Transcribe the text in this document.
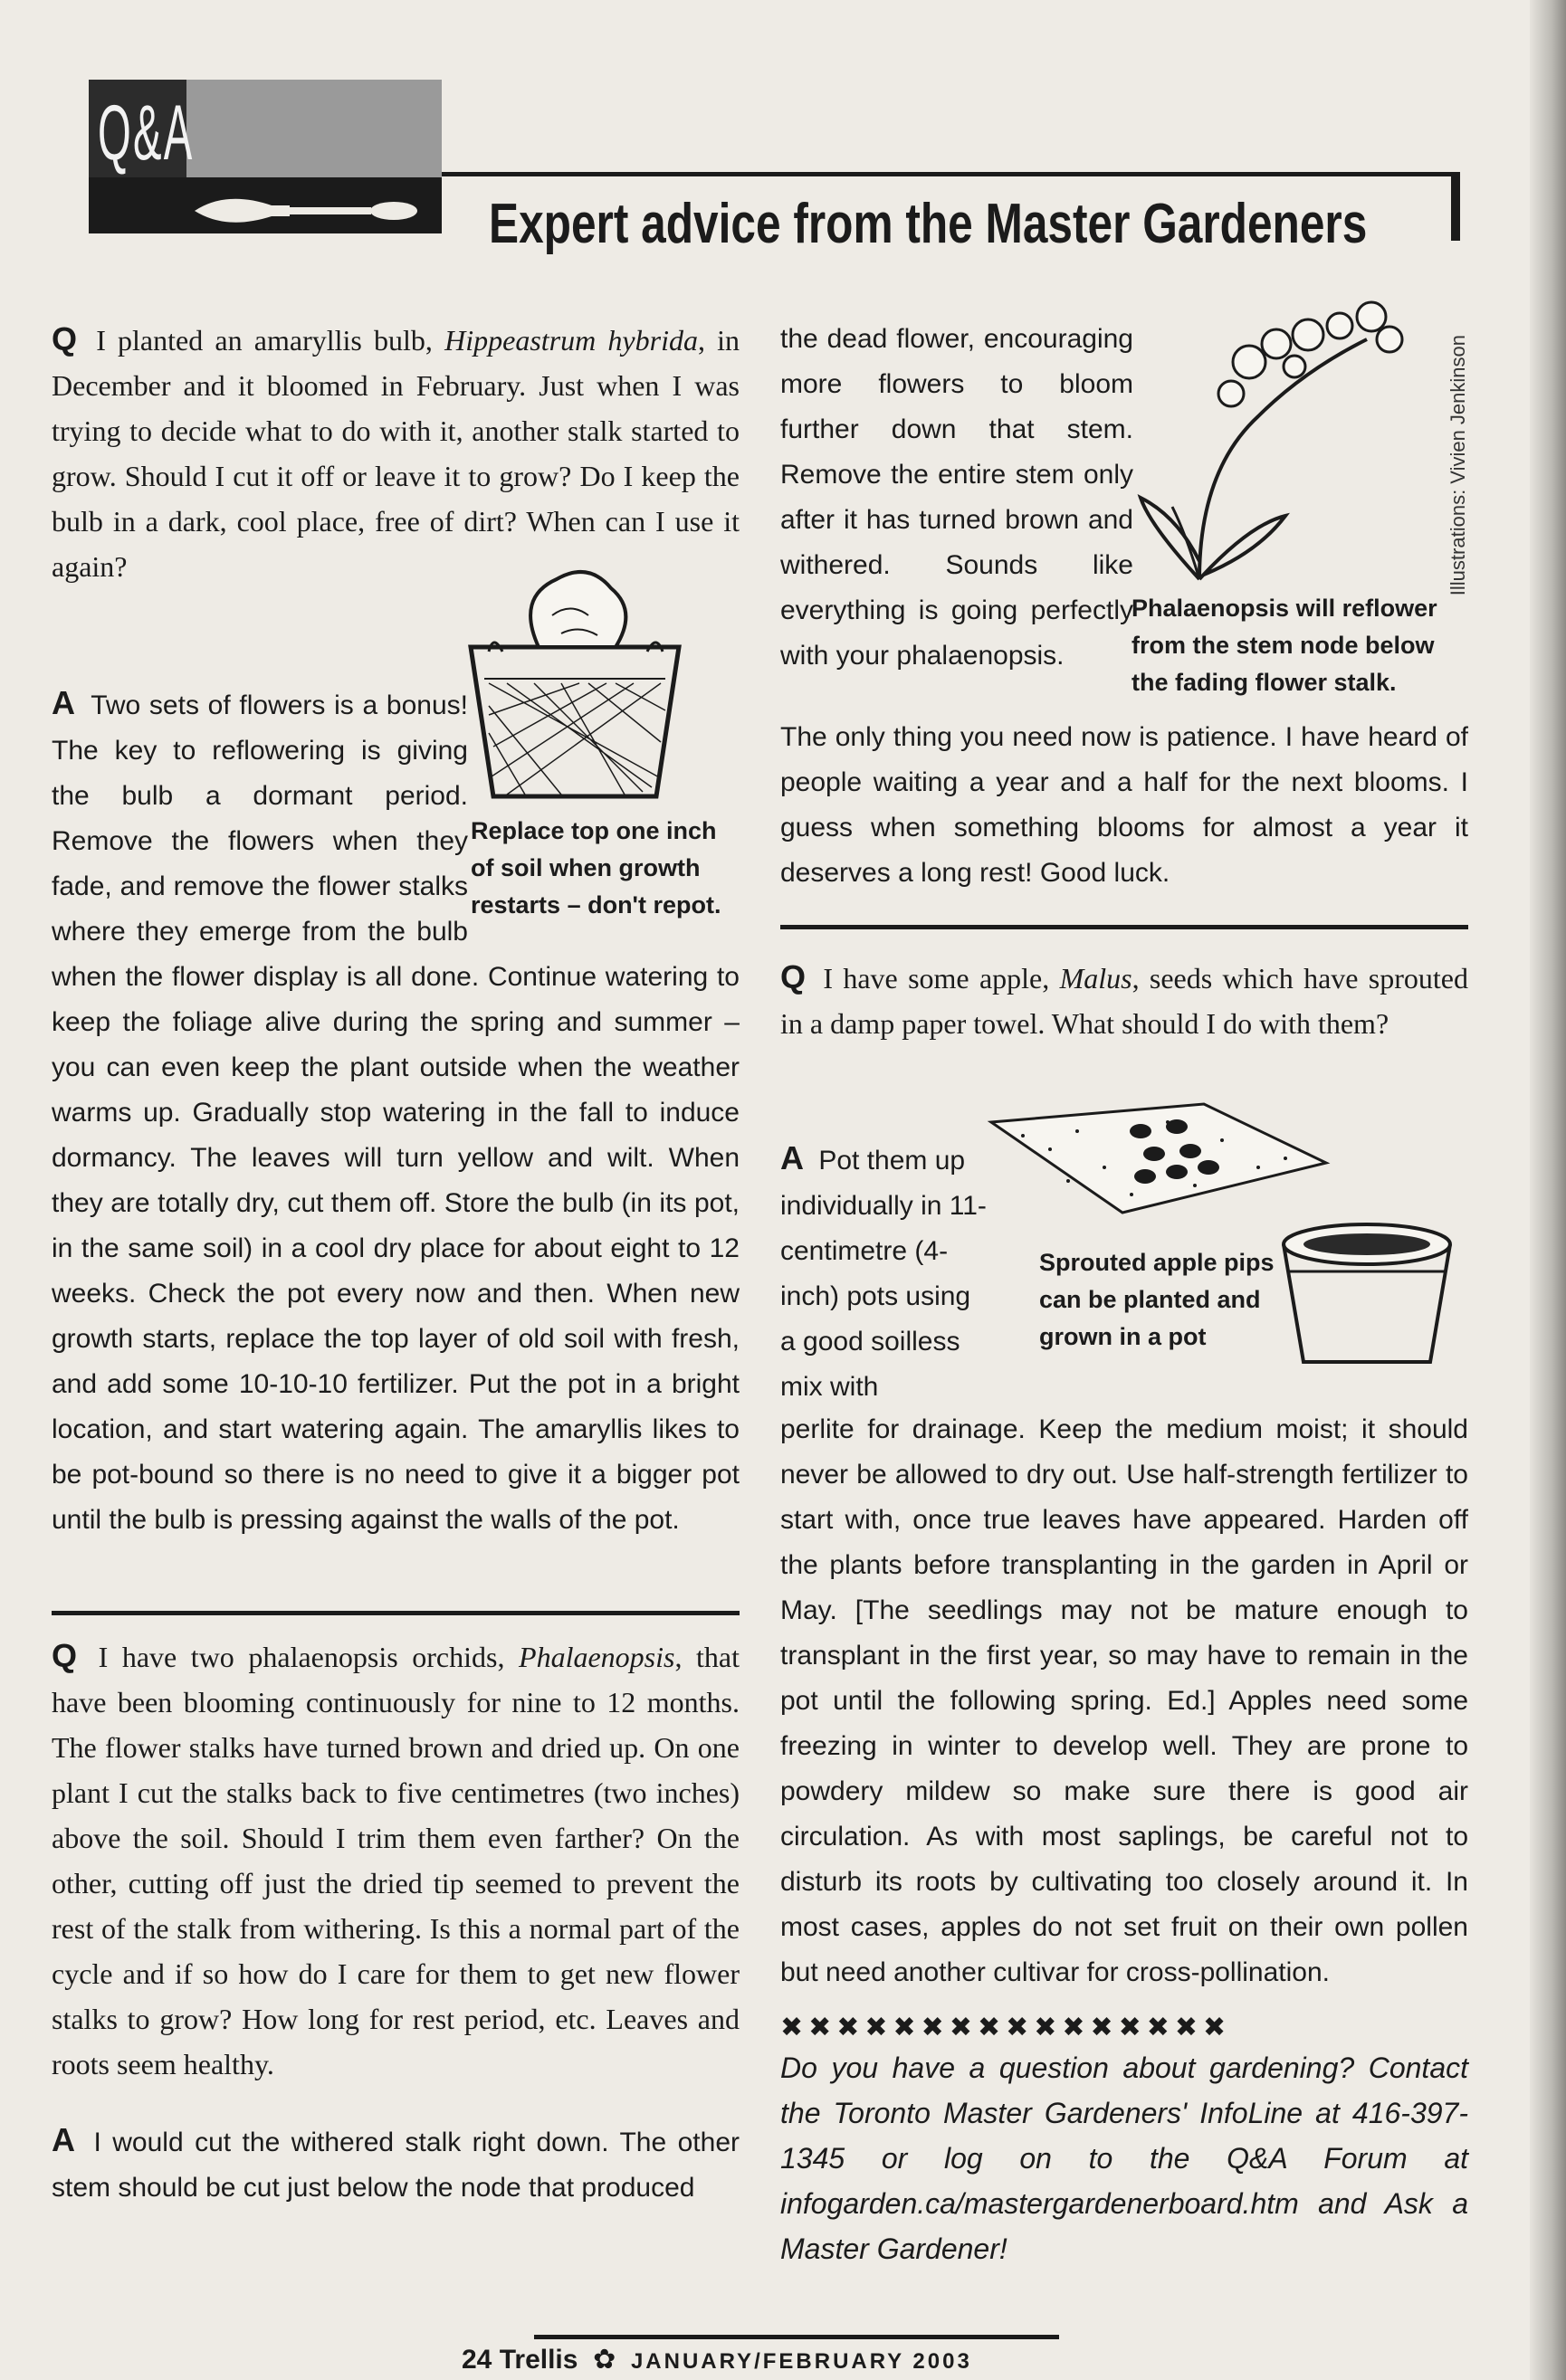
Q&A
Expert advice from the Master Gardeners

Q I planted an amaryllis bulb, Hippeastrum hybrida, in December and it bloomed in February. Just when I was trying to decide what to do with it, another stalk started to grow. Should I cut it off or leave it to grow? Do I keep the bulb in a dark, cool place, free of dirt? When can I use it again?

A Two sets of flowers is a bonus! The key to reflowering is giving the bulb a dormant period. Remove the flowers when they fade, and remove the flower stalks where they emerge from the bulb when the flower display is all done. Continue watering to keep the foliage alive during the spring and summer – you can even keep the plant outside when the weather warms up. Gradually stop watering in the fall to induce dormancy. The leaves will turn yellow and wilt. When they are totally dry, cut them off. Store the bulb (in its pot, in the same soil) in a cool dry place for about eight to 12 weeks. Check the pot every now and then. When new growth starts, replace the top layer of old soil with fresh, and add some 10-10-10 fertilizer. Put the pot in a bright location, and start watering again. The amaryllis likes to be pot-bound so there is no need to give it a bigger pot until the bulb is pressing against the walls of the pot.

Replace top one inch of soil when growth restarts – don't repot.

Q I have two phalaenopsis orchids, Phalaenopsis, that have been blooming continuously for nine to 12 months. The flower stalks have turned brown and dried up. On one plant I cut the stalks back to five centimetres (two inches) above the soil. Should I trim them even farther? On the other, cutting off just the dried tip seemed to prevent the rest of the stalk from withering. Is this a normal part of the cycle and if so how do I care for them to get new flower stalks to grow? How long for rest period, etc. Leaves and roots seem healthy.

A I would cut the withered stalk right down. The other stem should be cut just below the node that produced

the dead flower, encouraging more flowers to bloom further down that stem. Remove the entire stem only after it has turned brown and withered. Sounds like everything is going perfectly with your phalaenopsis.

The only thing you need now is patience. I have heard of people waiting a year and a half for the next blooms. I guess when something blooms for almost a year it deserves a long rest! Good luck.

Phalaenopsis will reflower from the stem node below the fading flower stalk.
Illustrations: Vivien Jenkinson

Q I have some apple, Malus, seeds which have sprouted in a damp paper towel. What should I do with them?

A Pot them up individually in 11-centimetre (4-inch) pots using a good soilless mix with

Sprouted apple pips can be planted and grown in a pot

perlite for drainage. Keep the medium moist; it should never be allowed to dry out. Use half-strength fertilizer to start with, once true leaves have appeared. Harden off the plants before transplanting in the garden in April or May. [The seedlings may not be mature enough to transplant in the first year, so may have to remain in the pot until the following spring. Ed.] Apples need some freezing in winter to develop well. They are prone to powdery mildew so make sure there is good air circulation. As with most saplings, be careful not to disturb its roots by cultivating too closely around it. In most cases, apples do not set fruit on their own pollen but need another cultivar for cross-pollination.

✖✖✖✖✖✖✖✖✖✖✖✖✖✖✖✖
Do you have a question about gardening? Contact the Toronto Master Gardeners' InfoLine at 416-397-1345 or log on to the Q&A Forum at infogarden.ca/mastergardenerboard.htm and Ask a Master Gardener!
24 Trellis  ✿  JANUARY/FEBRUARY 2003
